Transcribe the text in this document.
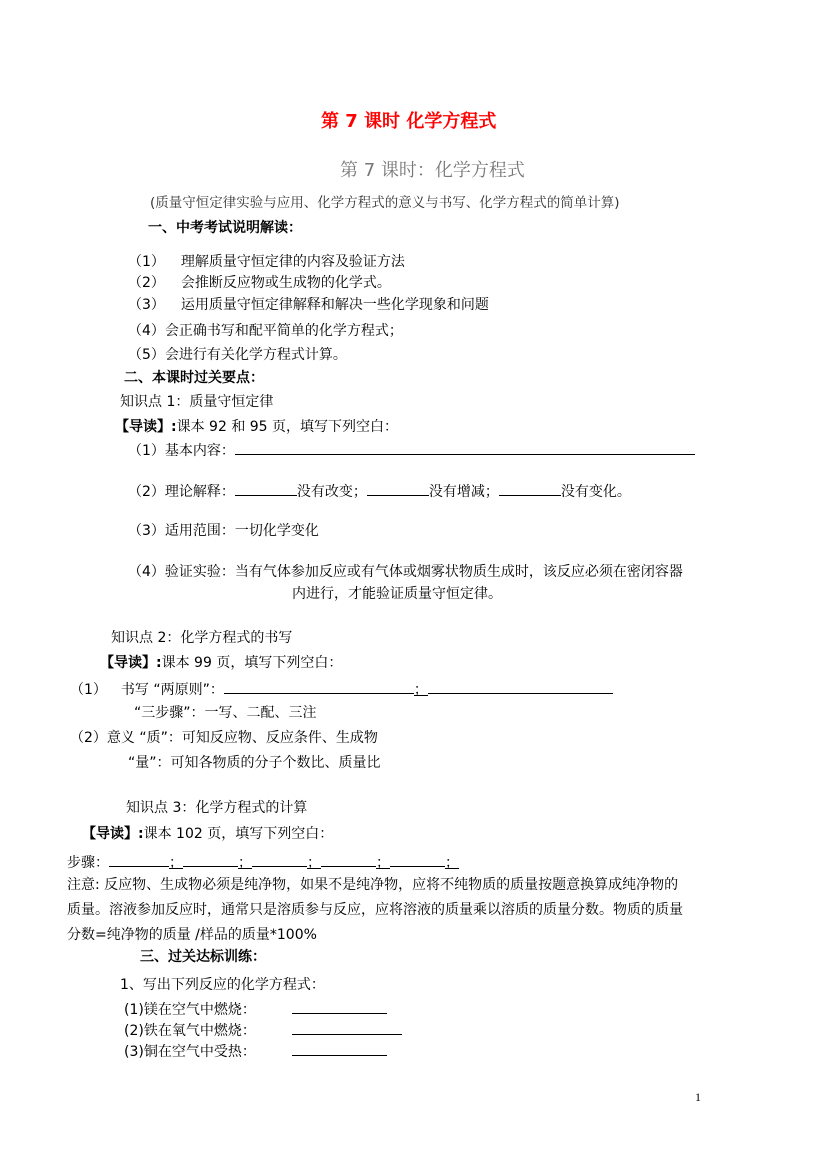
第 7 课时 化学方程式
第 7 课时：化学方程式
(质量守恒定律实验与应用、化学方程式的意义与书写、化学方程式的简单计算)
一、中考考试说明解读：
（1） 理解质量守恒定律的内容及验证方法
（2） 会推断反应物或生成物的化学式。
（3） 运用质量守恒定律解释和解决一些化学现象和问题
（4）会正确书写和配平简单的化学方程式；
（5）会进行有关化学方程式计算。
二、本课时过关要点：
知识点 1：质量守恒定律
【导读】:课本 92 和 95 页，填写下列空白：
（1）基本内容：
（2）理论解释：	没有改变；	没有增减；	没有变化。
（3）适用范围：一切化学变化
（4）验证实验：当有气体参加反应或有气体或烟雾状物质生成时，该反应必须在密闭容器
内进行，才能验证质量守恒定律。
知识点 2：化学方程式的书写
【导读】:课本 99 页，填写下列空白：
（1） 书写 “两原则”：	；
“三步骤”：一写、二配、三注
（2）意义 “质”：可知反应物、反应条件、生成物
“量”：可知各物质的分子个数比、质量比
知识点 3：化学方程式的计算
【导读】:课本 102 页，填写下列空白：
步骤：	；	；	；	；	；
注意: 反应物、生成物必须是纯净物，如果不是纯净物，应将不纯物质的质量按题意换算成纯净物的
质量。溶液参加反应时，通常只是溶质参与反应，应将溶液的质量乘以溶质的质量分数。物质的质量
分数=纯净物的质量 /样品的质量*100%
三、过关达标训练：
1、写出下列反应的化学方程式：
(1)镁在空气中燃烧：
(2)铁在氧气中燃烧：
(3)铜在空气中受热：
1
